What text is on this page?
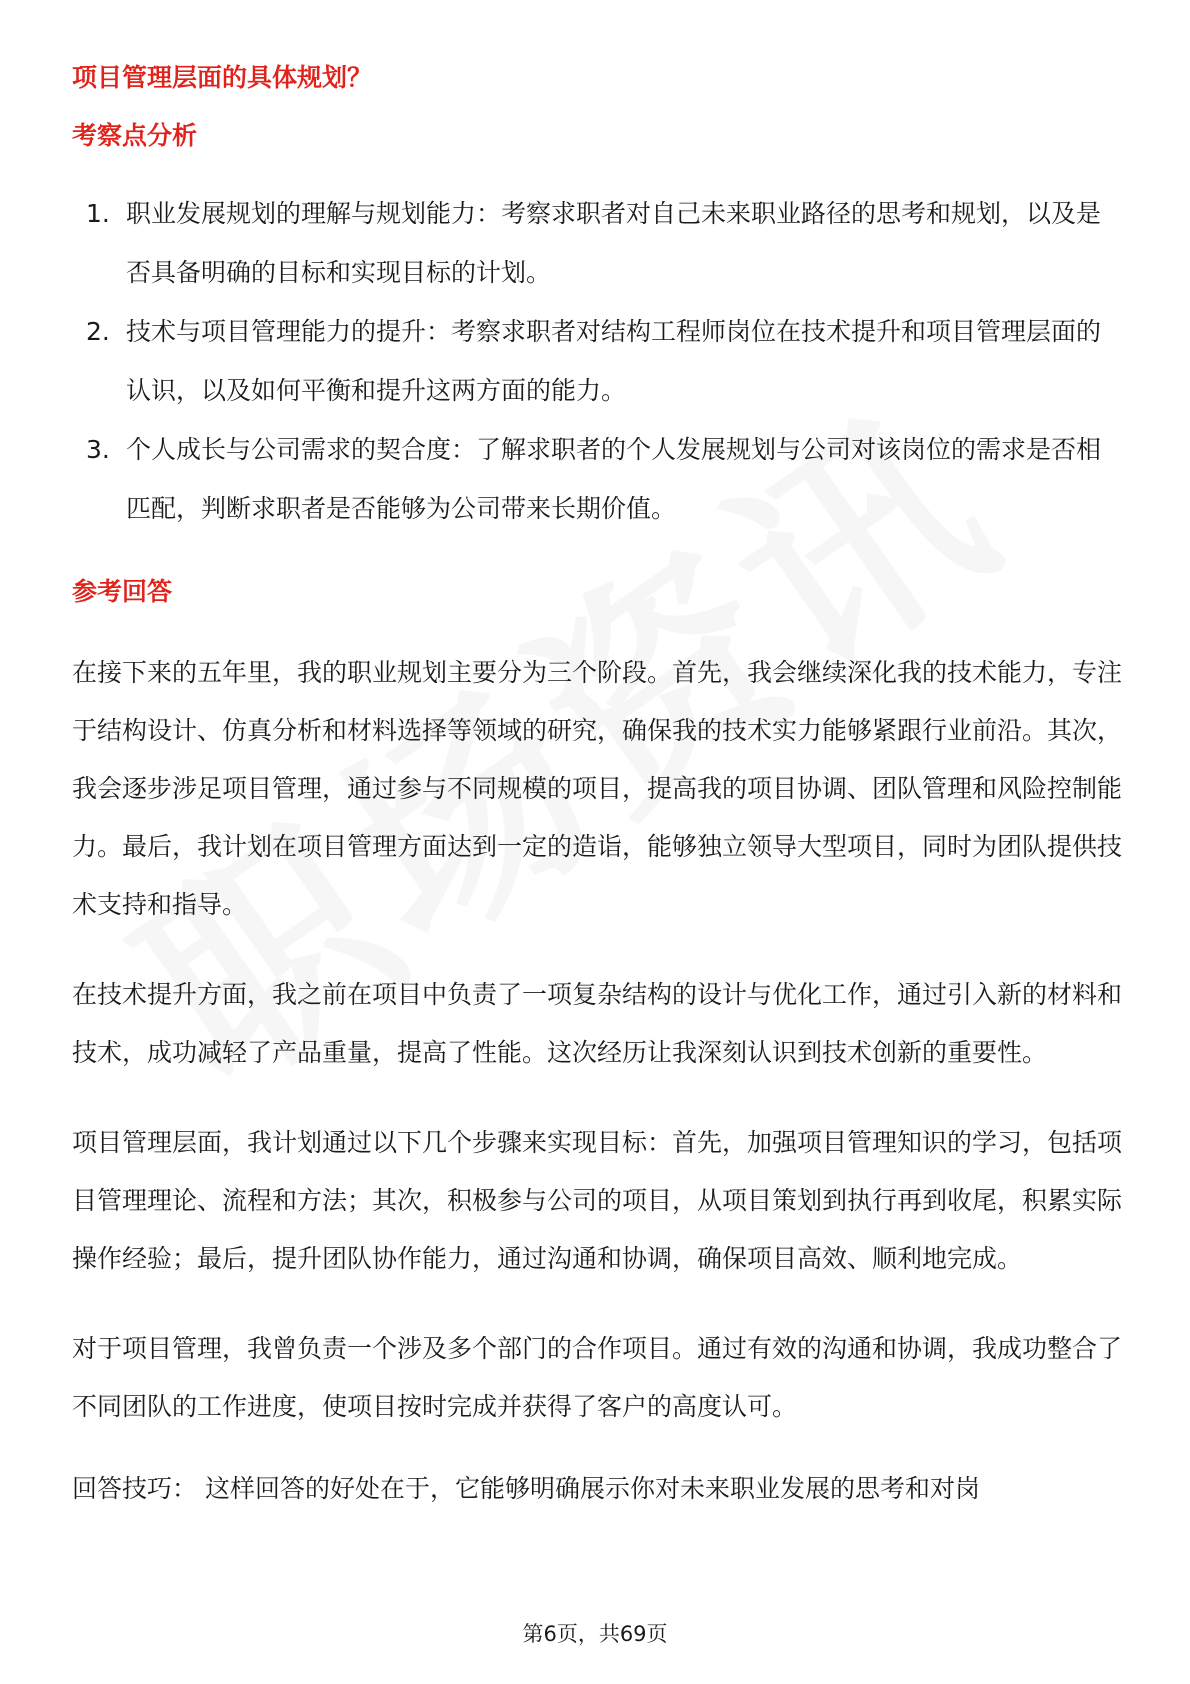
项目管理层面的具体规划？
考察点分析
1. 职业发展规划的理解与规划能力：考察求职者对自己未来职业路径的思考和规划，以及是否具备明确的目标和实现目标的计划。
2. 技术与项目管理能力的提升：考察求职者对结构工程师岗位在技术提升和项目管理层面的认识，以及如何平衡和提升这两方面的能力。
3. 个人成长与公司需求的契合度：了解求职者的个人发展规划与公司对该岗位的需求是否相匹配，判断求职者是否能够为公司带来长期价值。
参考回答

在接下来的五年里，我的职业规划主要分为三个阶段。首先，我会继续深化我的技术能力，专注于结构设计、仿真分析和材料选择等领域的研究，确保我的技术实力能够紧跟行业前沿。其次，我会逐步涉足项目管理，通过参与不同规模的项目，提高我的项目协调、团队管理和风险控制能力。最后，我计划在项目管理方面达到一定的造诣，能够独立领导大型项目，同时为团队提供技术支持和指导。

在技术提升方面，我之前在项目中负责了一项复杂结构的设计与优化工作，通过引入新的材料和技术，成功减轻了产品重量，提高了性能。这次经历让我深刻认识到技术创新的重要性。

项目管理层面，我计划通过以下几个步骤来实现目标：首先，加强项目管理知识的学习，包括项目管理理论、流程和方法；其次，积极参与公司的项目，从项目策划到执行再到收尾，积累实际操作经验；最后，提升团队协作能力，通过沟通和协调，确保项目高效、顺利地完成。

对于项目管理，我曾负责一个涉及多个部门的合作项目。通过有效的沟通和协调，我成功整合了不同团队的工作进度，使项目按时完成并获得了客户的高度认可。

回答技巧： 这样回答的好处在于，它能够明确展示你对未来职业发展的思考和对岗

第6页，共69页
